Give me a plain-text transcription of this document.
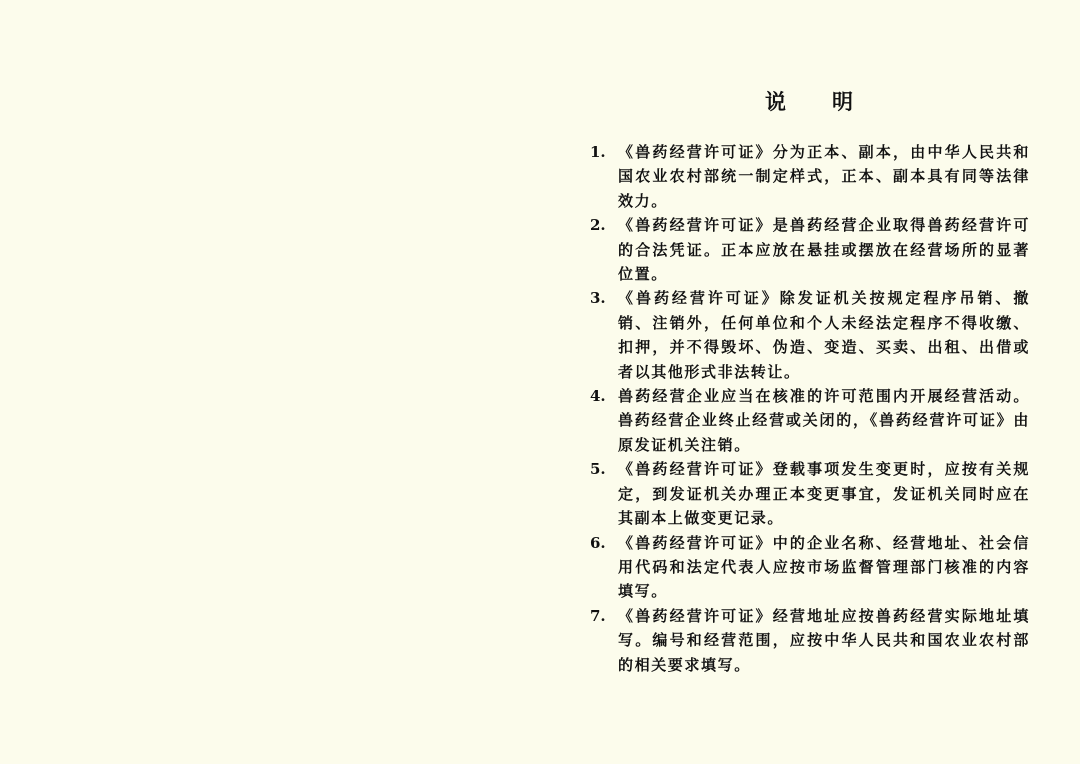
说 明
1. 《兽药经营许可证》分为正本、副本，由中华人民共和国农业农村部统一制定样式，正本、副本具有同等法律效力。
2. 《兽药经营许可证》是兽药经营企业取得兽药经营许可的合法凭证。正本应放在悬挂或摆放在经营场所的显著位置。
3. 《兽药经营许可证》除发证机关按规定程序吊销、撤销、注销外，任何单位和个人未经法定程序不得收缴、扣押，并不得毁坏、伪造、变造、买卖、出租、出借或者以其他形式非法转让。
4. 兽药经营企业应当在核准的许可范围内开展经营活动。兽药经营企业终止经营或关闭的，《兽药经营许可证》由原发证机关注销。
5. 《兽药经营许可证》登载事项发生变更时，应按有关规定，到发证机关办理正本变更事宜，发证机关同时应在其副本上做变更记录。
6. 《兽药经营许可证》中的企业名称、经营地址、社会信用代码和法定代表人应按市场监督管理部门核准的内容填写。
7. 《兽药经营许可证》经营地址应按兽药经营实际地址填写。编号和经营范围，应按中华人民共和国农业农村部的相关要求填写。
